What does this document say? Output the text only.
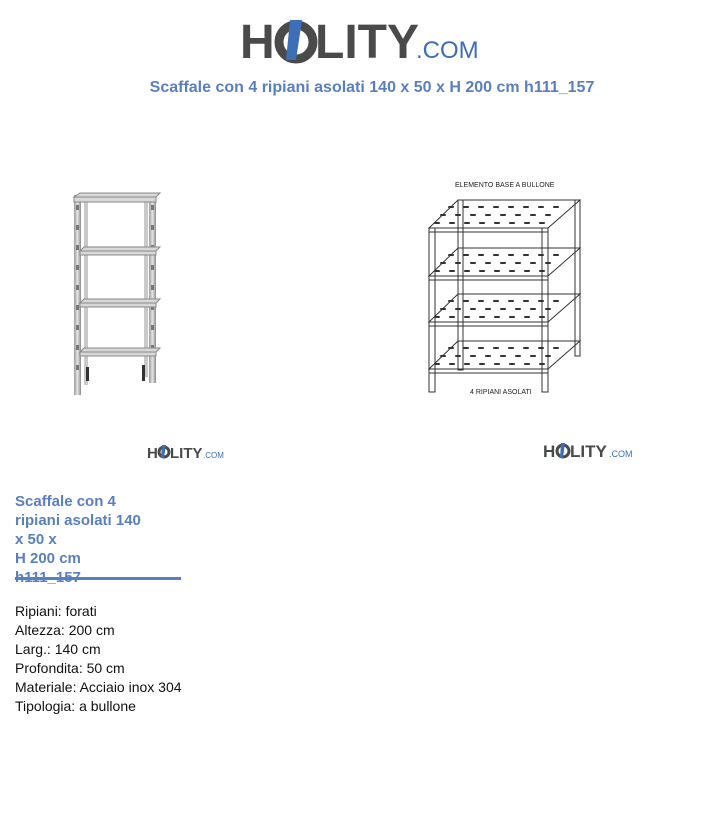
H LITY
.COM
Scaffale con 4 ripiani asolati 140 x 50 x H 200 cm h111_157
ELEMENTO BASE A BULLONE
4 RIPIANI ASOLATI
H LITY .COM	H LITY .COM
Scaffale con 4
ripiani asolati 140
x 50 x
H 200 cm

Ripiani: forati
Altezza: 200 cm
Larg.: 140 cm
Profondita: 50 cm
Materiale: Acciaio inox 304
Tipologia: a bullone
